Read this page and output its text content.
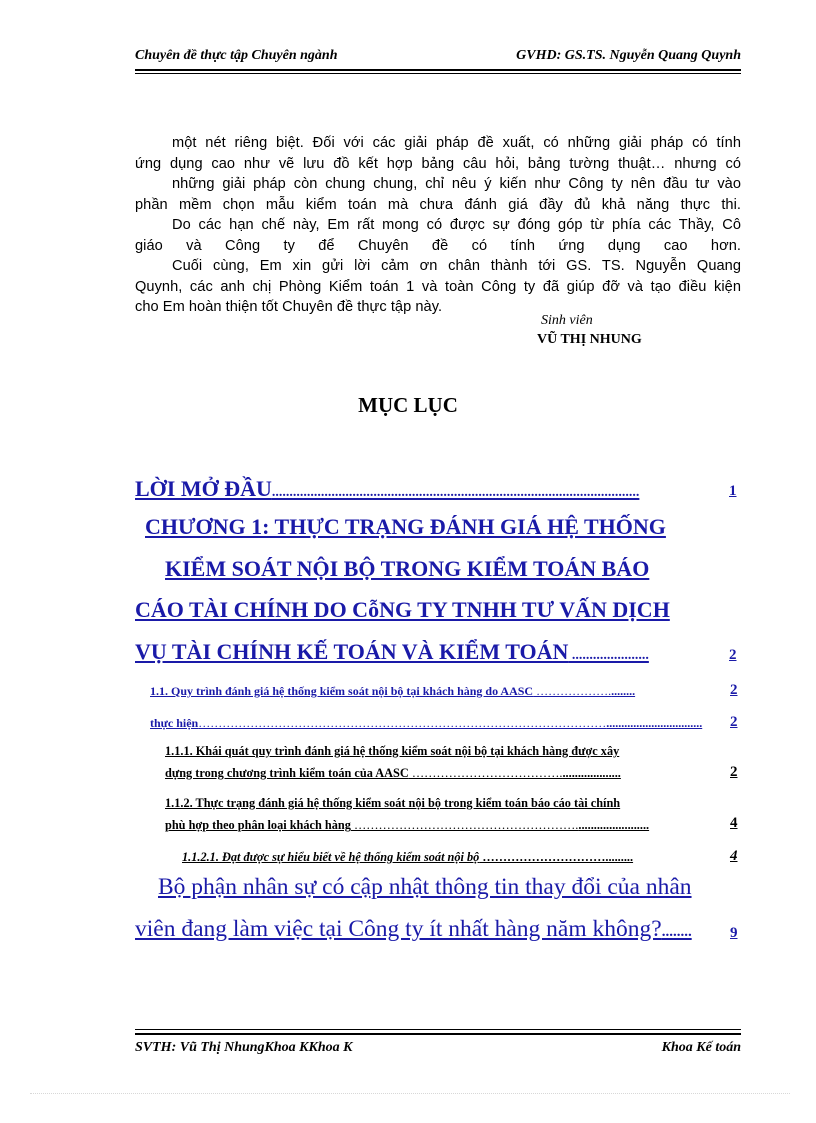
Chuyên đề thực tập Chuyên ngành	GVHD: GS.TS. Nguyễn Quang Quynh

một nét riêng biệt. Đối với các giải pháp đề xuất, có những giải pháp có tính

ứng dụng cao như vẽ lưu đồ kết hợp bảng câu hỏi, bảng tường thuật… nhưng có

những giải pháp còn chung chung, chỉ nêu ý kiến như Công ty nên đầu tư vào

phần mềm chọn mẫu kiểm toán mà chưa đánh giá đầy đủ khả năng thực thi.

Do các hạn chế này, Em rất mong có được sự đóng góp từ phía các Thầy, Cô

giáo và Công ty để Chuyên đề có tính ứng dụng cao hơn.

Cuối cùng, Em xin gửi lời cảm ơn chân thành tới GS. TS. Nguyễn Quang

Quynh, các anh chị Phòng Kiểm toán 1 và toàn Công ty đã giúp đỡ và tạo điều kiện

cho Em hoàn thiện tốt Chuyên đề thực tập này.

Sinh viên
VŨ THỊ NHUNG
MỤC LỤC
LỜI MỞ ĐẦU.........................................................................................................	1
CHƯƠNG 1: THỰC TRẠNG ĐÁNH GIÁ HỆ THỐNG
KIỂM SOÁT NỘI BỘ TRONG KIỂM TOÁN BÁO
CÁO TÀI CHÍNH DO CỗNG TY TNHH TƯ VẤN DỊCH
VỤ TÀI CHÍNH KẾ TOÁN VÀ KIỂM TOÁN ......................	2
1.1. Quy trình đánh giá hệ thống kiểm soát nội bộ tại khách hàng do AASC ……………….........	2
thực hiện…………………………………………………………………………………………................................ 2
1.1.1. Khái quát quy trình đánh giá hệ thống kiểm soát nội bộ tại khách hàng được xây
dựng trong chương trình kiểm toán của AASC ………………………………....................	2
1.1.2. Thực trạng đánh giá hệ thống kiểm soát nội bộ trong kiểm toán báo cáo tài chính
phù hợp theo phân loại khách hàng ………………………………………………........................	4
1.1.2.1. Đạt được sự hiểu biết về hệ thống kiểm soát nội bộ ………………………….........	4
Bộ phận nhân sự có cập nhật thông tin thay đổi của nhân
viên đang làm việc tại Công ty ít nhất hàng năm không?........	9
SVTH: Vũ Thị NhungKhoa KKhoa K	Khoa Kế toán
